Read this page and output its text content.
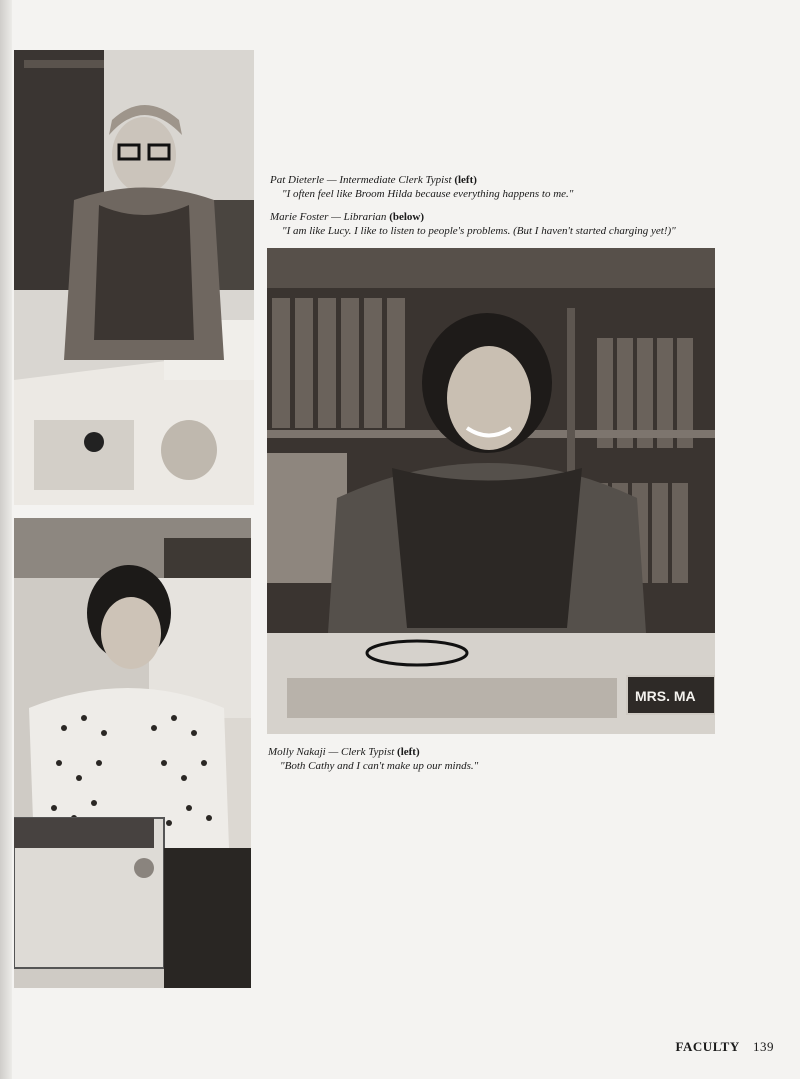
MRS. MA
Pat Dieterle — Intermediate Clerk Typist (left)
"I often feel like Broom Hilda because everything happens to me."
Marie Foster — Librarian (below)
"I am like Lucy. I like to listen to people's problems. (But I haven't started charging yet!)"
Molly Nakaji — Clerk Typist (left)
"Both Cathy and I can't make up our minds."
FACULTY 139
